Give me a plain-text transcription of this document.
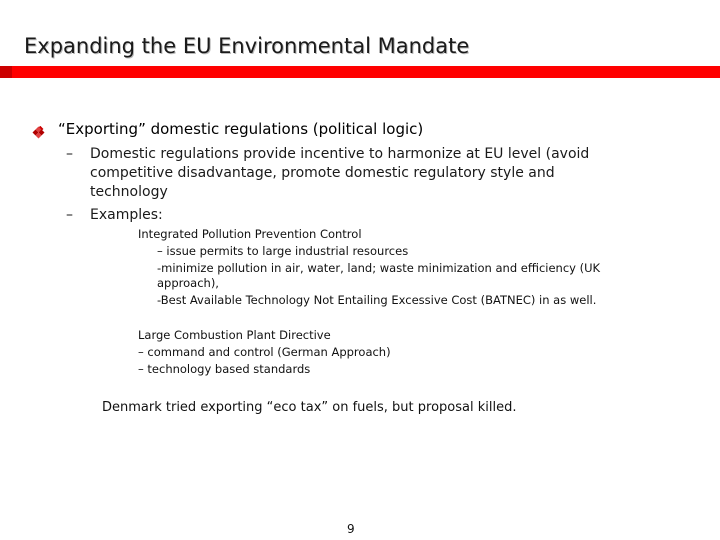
Expanding the EU Environmental Mandate
“Exporting” domestic regulations (political logic)
– Domestic regulations provide incentive to harmonize at EU level (avoid competitive disadvantage, promote domestic regulatory style and technology
– Examples:
Integrated Pollution Prevention Control
– issue permits to large industrial resources
-minimize pollution in air, water, land; waste minimization and efficiency (UK
approach),
-Best Available Technology Not Entailing Excessive Cost (BATNEC) in as well.
Large Combustion Plant Directive
– command and control (German Approach)
– technology based standards
Denmark tried exporting “eco tax” on fuels, but proposal killed.
9
